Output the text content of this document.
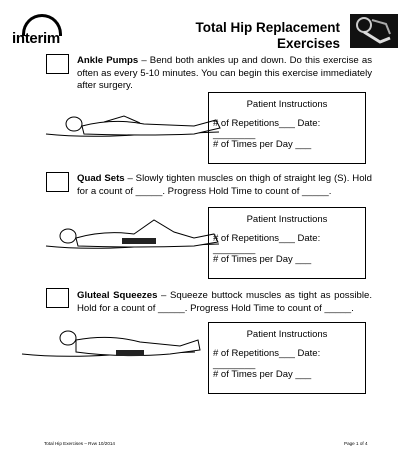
interim
Total Hip Replacement
Exercises
Ankle Pumps – Bend both ankles up and down. Do this exercise as often as every 5-10 minutes. You can begin this exercise immediately after surgery.
Patient Instructions
# of Repetitions___ Date: ________
# of Times per Day ___
Quad Sets – Slowly tighten muscles on thigh of straight leg (S). Hold for a count of _____. Progress Hold Time to count of _____.
Patient Instructions
# of Repetitions___ Date: ________
# of Times per Day ___
Gluteal Squeezes – Squeeze buttock muscles as tight as possible. Hold for a count of _____. Progress Hold Time to count of _____.
Patient Instructions
# of Repetitions___ Date: ________
# of Times per Day ___
Total Hip Exercises – Rvw 10/2014	Page 1 of 4
